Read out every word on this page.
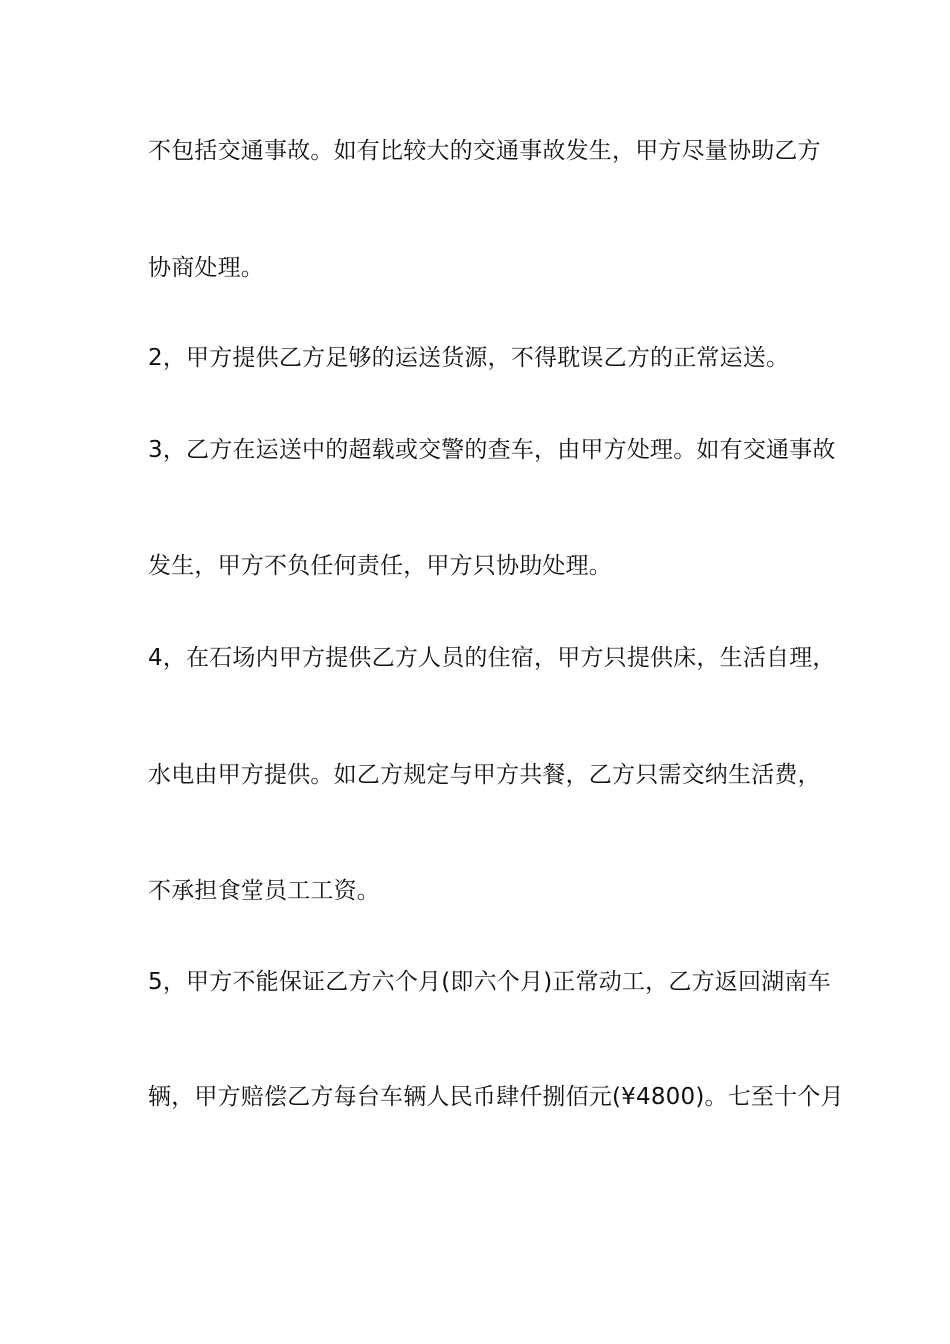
不包括交通事故。如有比较大的交通事故发生，甲方尽量协助乙方

协商处理。

2，甲方提供乙方足够的运送货源，不得耽误乙方的正常运送。

3，乙方在运送中的超载或交警的查车，由甲方处理。如有交通事故

发生，甲方不负任何责任，甲方只协助处理。

4，在石场内甲方提供乙方人员的住宿，甲方只提供床，生活自理，

水电由甲方提供。如乙方规定与甲方共餐，乙方只需交纳生活费，

不承担食堂员工工资。

5，甲方不能保证乙方六个月(即六个月)正常动工，乙方返回湖南车

辆，甲方赔偿乙方每台车辆人民币肆仟捌佰元(¥4800)。七至十个月
